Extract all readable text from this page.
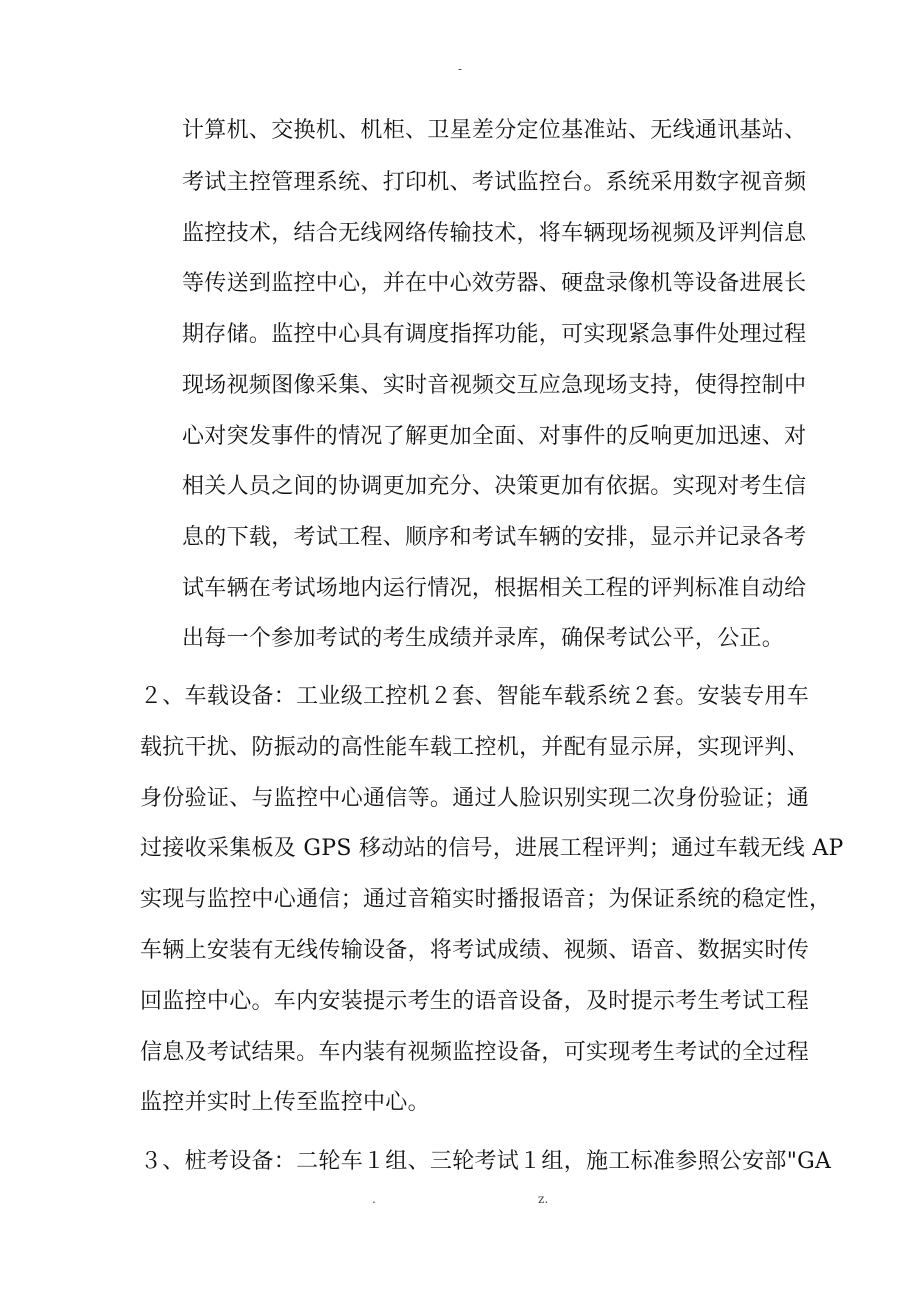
-
计算机、交换机、机柜、卫星差分定位基准站、无线通讯基站、
考试主控管理系统、打印机、考试监控台。系统采用数字视音频
监控技术，结合无线网络传输技术，将车辆现场视频及评判信息
等传送到监控中心，并在中心效劳器、硬盘录像机等设备进展长
期存储。监控中心具有调度指挥功能，可实现紧急事件处理过程
现场视频图像采集、实时音视频交互应急现场支持，使得控制中
心对突发事件的情况了解更加全面、对事件的反响更加迅速、对
相关人员之间的协调更加充分、决策更加有依据。实现对考生信
息的下载，考试工程、顺序和考试车辆的安排，显示并记录各考
试车辆在考试场地内运行情况，根据相关工程的评判标准自动给
出每一个参加考试的考生成绩并录库，确保考试公平，公正。
２、车载设备：工业级工控机２套、智能车载系统２套。安装专用车
载抗干扰、防振动的高性能车载工控机，并配有显示屏，实现评判、
身份验证、与监控中心通信等。通过人脸识别实现二次身份验证；通
过接收采集板及 GPS 移动站的信号，进展工程评判；通过车载无线 AP
实现与监控中心通信；通过音箱实时播报语音；为保证系统的稳定性，
车辆上安装有无线传输设备，将考试成绩、视频、语音、数据实时传
回监控中心。车内安装提示考生的语音设备，及时提示考生考试工程
信息及考试结果。车内装有视频监控设备，可实现考生考试的全过程
监控并实时上传至监控中心。
３、桩考设备：二轮车１组、三轮考试１组，施工标准参照公安部"GA
.	z.
